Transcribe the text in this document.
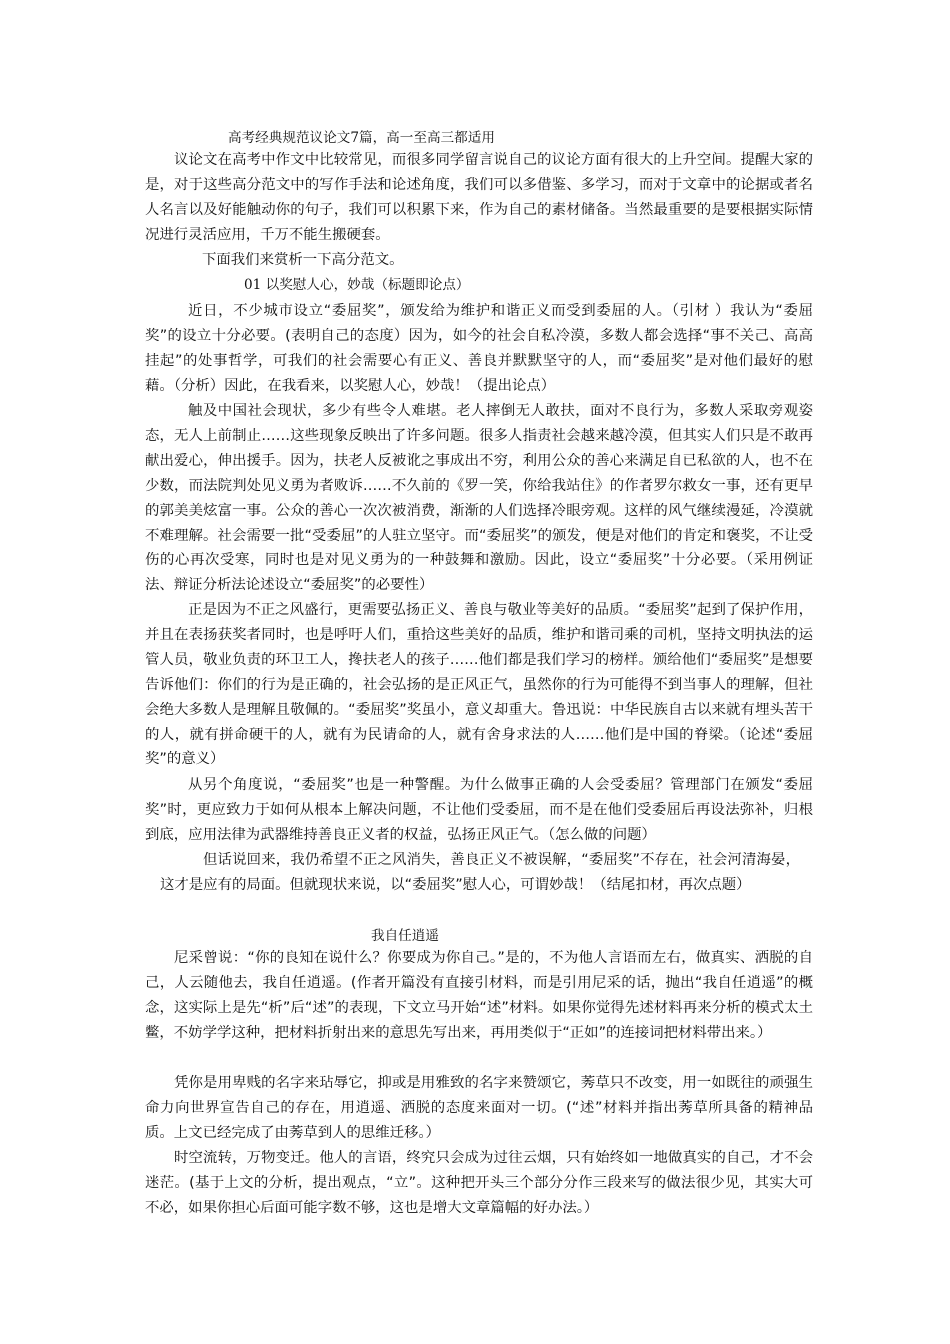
高考经典规范议论文7篇，高一至高三都适用

议论文在高考中作文中比较常见，而很多同学留言说自己的议论方面有很大的上升空间。提醒大家的是，对于这些高分范文中的写作手法和论述角度，我们可以多借鉴、多学习，而对于文章中的论据或者名人名言以及好能触动你的句子，我们可以积累下来，作为自己的素材储备。当然最重要的是要根据实际情况进行灵活应用，千万不能生搬硬套。

下面我们来赏析一下高分范文。
01 以奖慰人心，妙哉（标题即论点）

近日，不少城市设立“委屈奖”，颁发给为维护和谐正义而受到委屈的人。（引材 ）我认为“委屈奖”的设立十分必要。(表明自己的态度）因为，如今的社会自私冷漠，多数人都会选择“事不关己、高高挂起”的处事哲学，可我们的社会需要心有正义、善良并默默坚守的人，而“委屈奖”是对他们最好的慰藉。（分析）因此，在我看来，以奖慰人心，妙哉！（提出论点）

触及中国社会现状，多少有些令人难堪。老人摔倒无人敢扶，面对不良行为，多数人采取旁观姿态，无人上前制止……这些现象反映出了许多问题。很多人指责社会越来越冷漠，但其实人们只是不敢再献出爱心，伸出援手。因为，扶老人反被讹之事成出不穷，利用公众的善心来满足自已私欲的人，也不在少数，而法院判处见义勇为者败诉……不久前的《罗一笑，你给我站住》的作者罗尔救女一事，还有更早的郭美美炫富一事。公众的善心一次次被消费，渐渐的人们选择冷眼旁观。这样的风气继续漫延，冷漠就不难理解。社会需要一批“受委屈”的人驻立坚守。而“委屈奖”的颁发，便是对他们的肯定和褒奖，不让受伤的心再次受寒，同时也是对见义勇为的一种鼓舞和激励。因此，设立“委屈奖”十分必要。（采用例证法、辩证分析法论述设立“委屈奖”的必要性）

正是因为不正之风盛行，更需要弘扬正义、善良与敬业等美好的品质。“委屈奖”起到了保护作用，并且在表扬获奖者同时，也是呼吁人们，重拾这些美好的品质，维护和谐司乘的司机，坚持文明执法的运管人员，敬业负责的环卫工人，搀扶老人的孩子……他们都是我们学习的榜样。颁给他们“委屈奖”是想要告诉他们：你们的行为是正确的，社会弘扬的是正风正气，虽然你的行为可能得不到当事人的理解，但社会绝大多数人是理解且敬佩的。“委屈奖”奖虽小，意义却重大。鲁迅说：中华民族自古以来就有埋头苦干的人，就有拼命硬干的人，就有为民请命的人，就有舍身求法的人……他们是中国的脊梁。（论述“委屈奖”的意义）

从另个角度说，“委屈奖”也是一种警醒。为什么做事正确的人会受委屈？管理部门在颁发“委屈奖”时，更应致力于如何从根本上解决问题，不让他们受委屈，而不是在他们受委屈后再设法弥补，归根到底，应用法律为武器维持善良正义者的权益，弘扬正风正气。（怎么做的问题）

但话说回来，我仍希望不正之风消失，善良正义不被误解，“委屈奖”不存在，社会河清海晏，这才是应有的局面。但就现状来说，以“委屈奖”慰人心，可谓妙哉！（结尾扣材，再次点题）

我自任逍遥

尼采曾说：“你的良知在说什么？你要成为你自己。”是的，不为他人言语而左右，做真实、洒脱的自己，人云随他去，我自任逍遥。(作者开篇没有直接引材料，而是引用尼采的话，抛出“我自任逍遥”的概念，这实际上是先“析”后“述”的表现，下文立马开始“述”材料。如果你觉得先述材料再来分析的模式太土鳖，不妨学学这种，把材料折射出来的意思先写出来，再用类似于“正如”的连接词把材料带出来。）

凭你是用卑贱的名字来玷辱它，抑或是用雅致的名字来赞颂它，莠草只不改变，用一如既往的顽强生命力向世界宣告自己的存在，用逍遥、洒脱的态度来面对一切。(“述”材料并指出莠草所具备的精神品质。上文已经完成了由莠草到人的思维迁移。）

时空流转，万物变迁。他人的言语，终究只会成为过往云烟，只有始终如一地做真实的自己，才不会迷茫。(基于上文的分析，提出观点，“立”。这种把开头三个部分分作三段来写的做法很少见，其实大可不必，如果你担心后面可能字数不够，这也是增大文章篇幅的好办法。）
